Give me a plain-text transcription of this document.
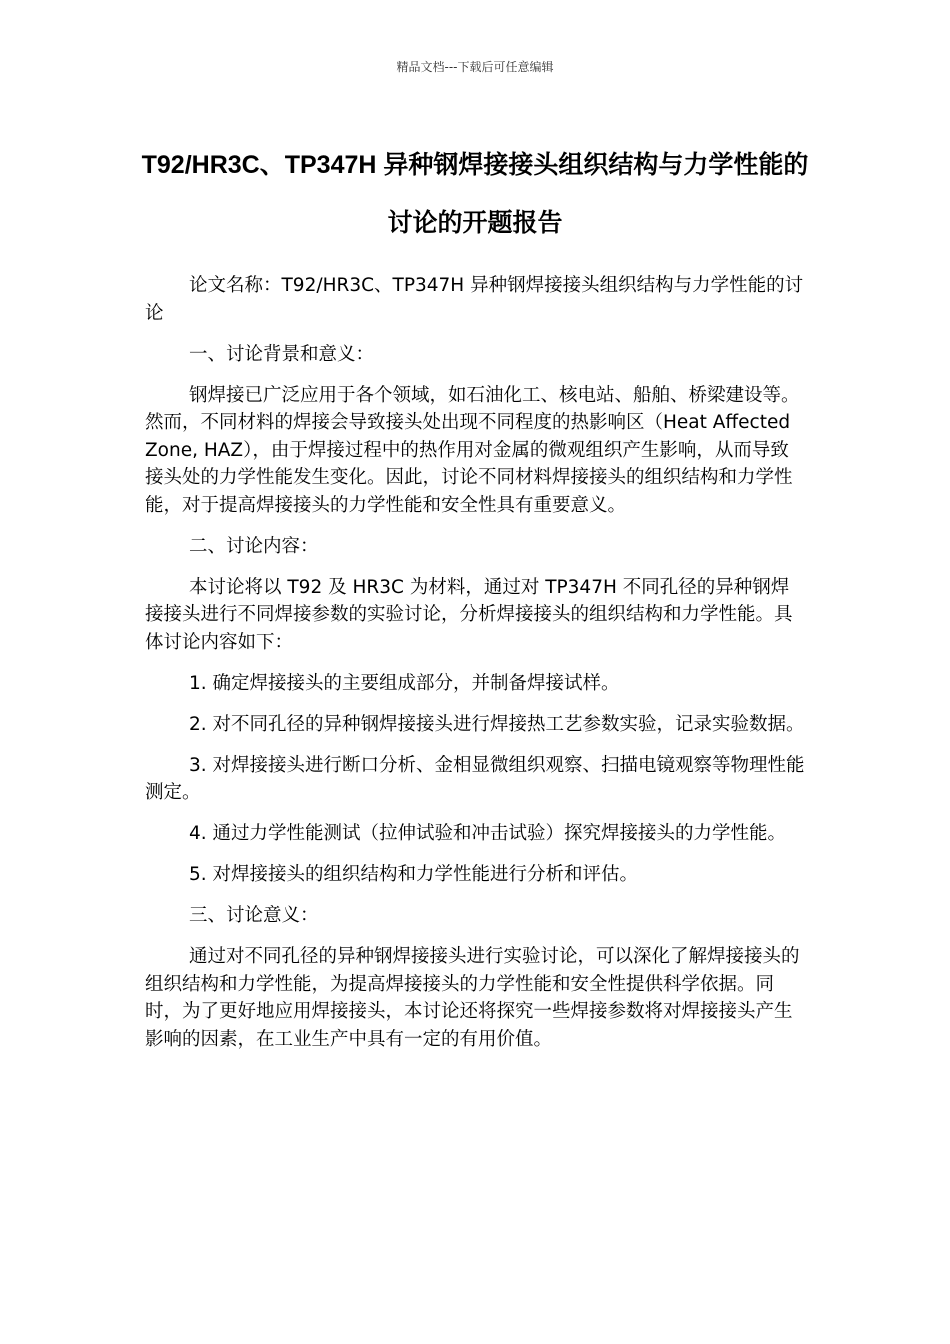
精品文档---下载后可任意编辑
T92/HR3C、TP347H 异种钢焊接接头组织结构与力学性能的讨论的开题报告

论文名称：T92/HR3C、TP347H 异种钢焊接接头组织结构与力学性能的讨论

一、讨论背景和意义：

钢焊接已广泛应用于各个领域，如石油化工、核电站、船舶、桥梁建设等。然而，不同材料的焊接会导致接头处出现不同程度的热影响区（Heat Affected Zone, HAZ），由于焊接过程中的热作用对金属的微观组织产生影响，从而导致接头处的力学性能发生变化。因此，讨论不同材料焊接接头的组织结构和力学性能，对于提高焊接接头的力学性能和安全性具有重要意义。

二、讨论内容：

本讨论将以 T92 及 HR3C 为材料，通过对 TP347H 不同孔径的异种钢焊接接头进行不同焊接参数的实验讨论，分析焊接接头的组织结构和力学性能。具体讨论内容如下：

1. 确定焊接接头的主要组成部分，并制备焊接试样。

2. 对不同孔径的异种钢焊接接头进行焊接热工艺参数实验，记录实验数据。

3. 对焊接接头进行断口分析、金相显微组织观察、扫描电镜观察等物理性能测定。

4. 通过力学性能测试（拉伸试验和冲击试验）探究焊接接头的力学性能。

5. 对焊接接头的组织结构和力学性能进行分析和评估。

三、讨论意义：

通过对不同孔径的异种钢焊接接头进行实验讨论，可以深化了解焊接接头的组织结构和力学性能，为提高焊接接头的力学性能和安全性提供科学依据。同时，为了更好地应用焊接接头，本讨论还将探究一些焊接参数将对焊接接头产生影响的因素，在工业生产中具有一定的有用价值。
